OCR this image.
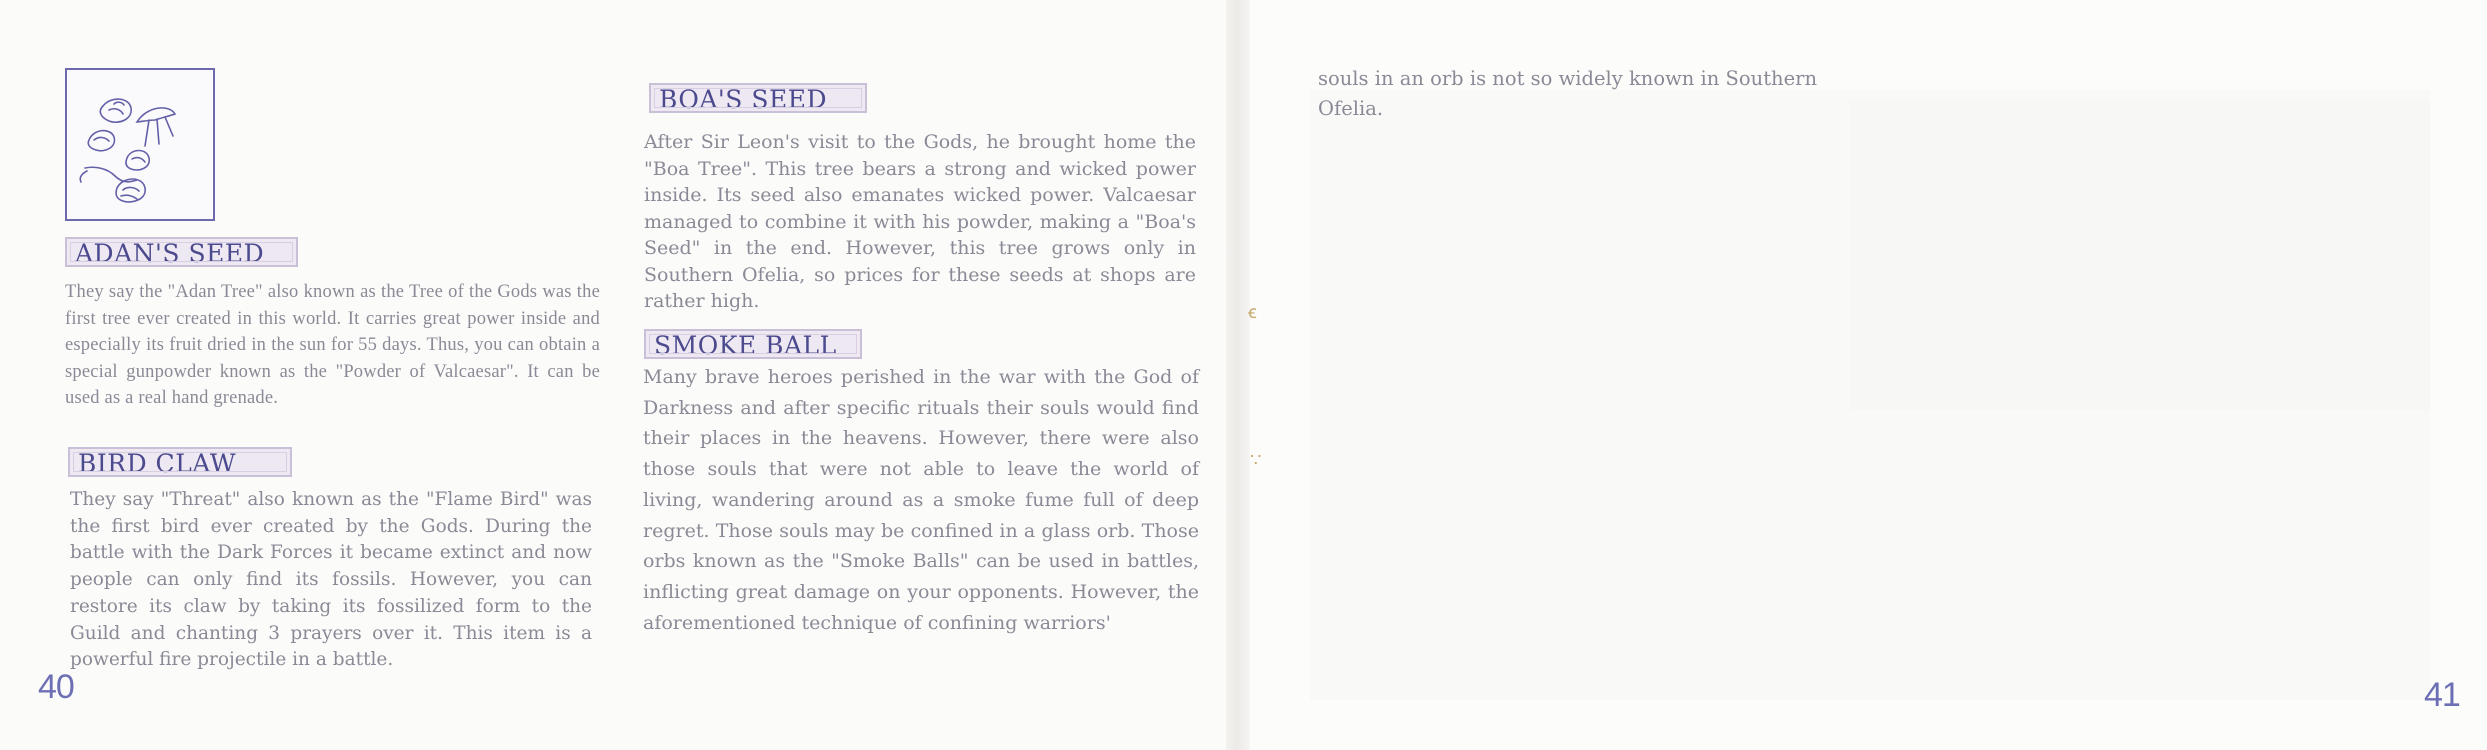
ADAN'S SEED

They say the "Adan Tree" also known as the Tree of the Gods was the first tree ever created in this world. It carries great power inside and especially its fruit dried in the sun for 55 days. Thus, you can obtain a special gunpowder known as the "Powder of Valcaesar". It can be used as a real hand grenade.

BIRD CLAW

They say "Threat" also known as the "Flame Bird" was the first bird ever created by the Gods. During the battle with the Dark Forces it became extinct and now people can only find its fossils. However, you can restore its claw by taking its fossilized form to the Guild and chanting 3 prayers over it. This item is a powerful fire projectile in a battle.

BOA'S SEED

After Sir Leon's visit to the Gods, he brought home the "Boa Tree". This tree bears a strong and wicked power inside. Its seed also emanates wicked power. Valcaesar managed to combine it with his powder, making a "Boa's Seed" in the end. However, this tree grows only in Southern Ofelia, so prices for these seeds at shops are rather high.

SMOKE BALL

Many brave heroes perished in the war with the God of Darkness and after specific rituals their souls would find their places in the heavens. However, there were also those souls that were not able to leave the world of living, wandering around as a smoke fume full of deep regret. Those souls may be confined in a glass orb. Those orbs known as the "Smoke Balls" can be used in battles, inflicting great damage on your opponents. However, the aforementioned technique of confining warriors'

souls in an orb is not so widely known in Southern Ofelia.

40	41
ꞓ
∵
